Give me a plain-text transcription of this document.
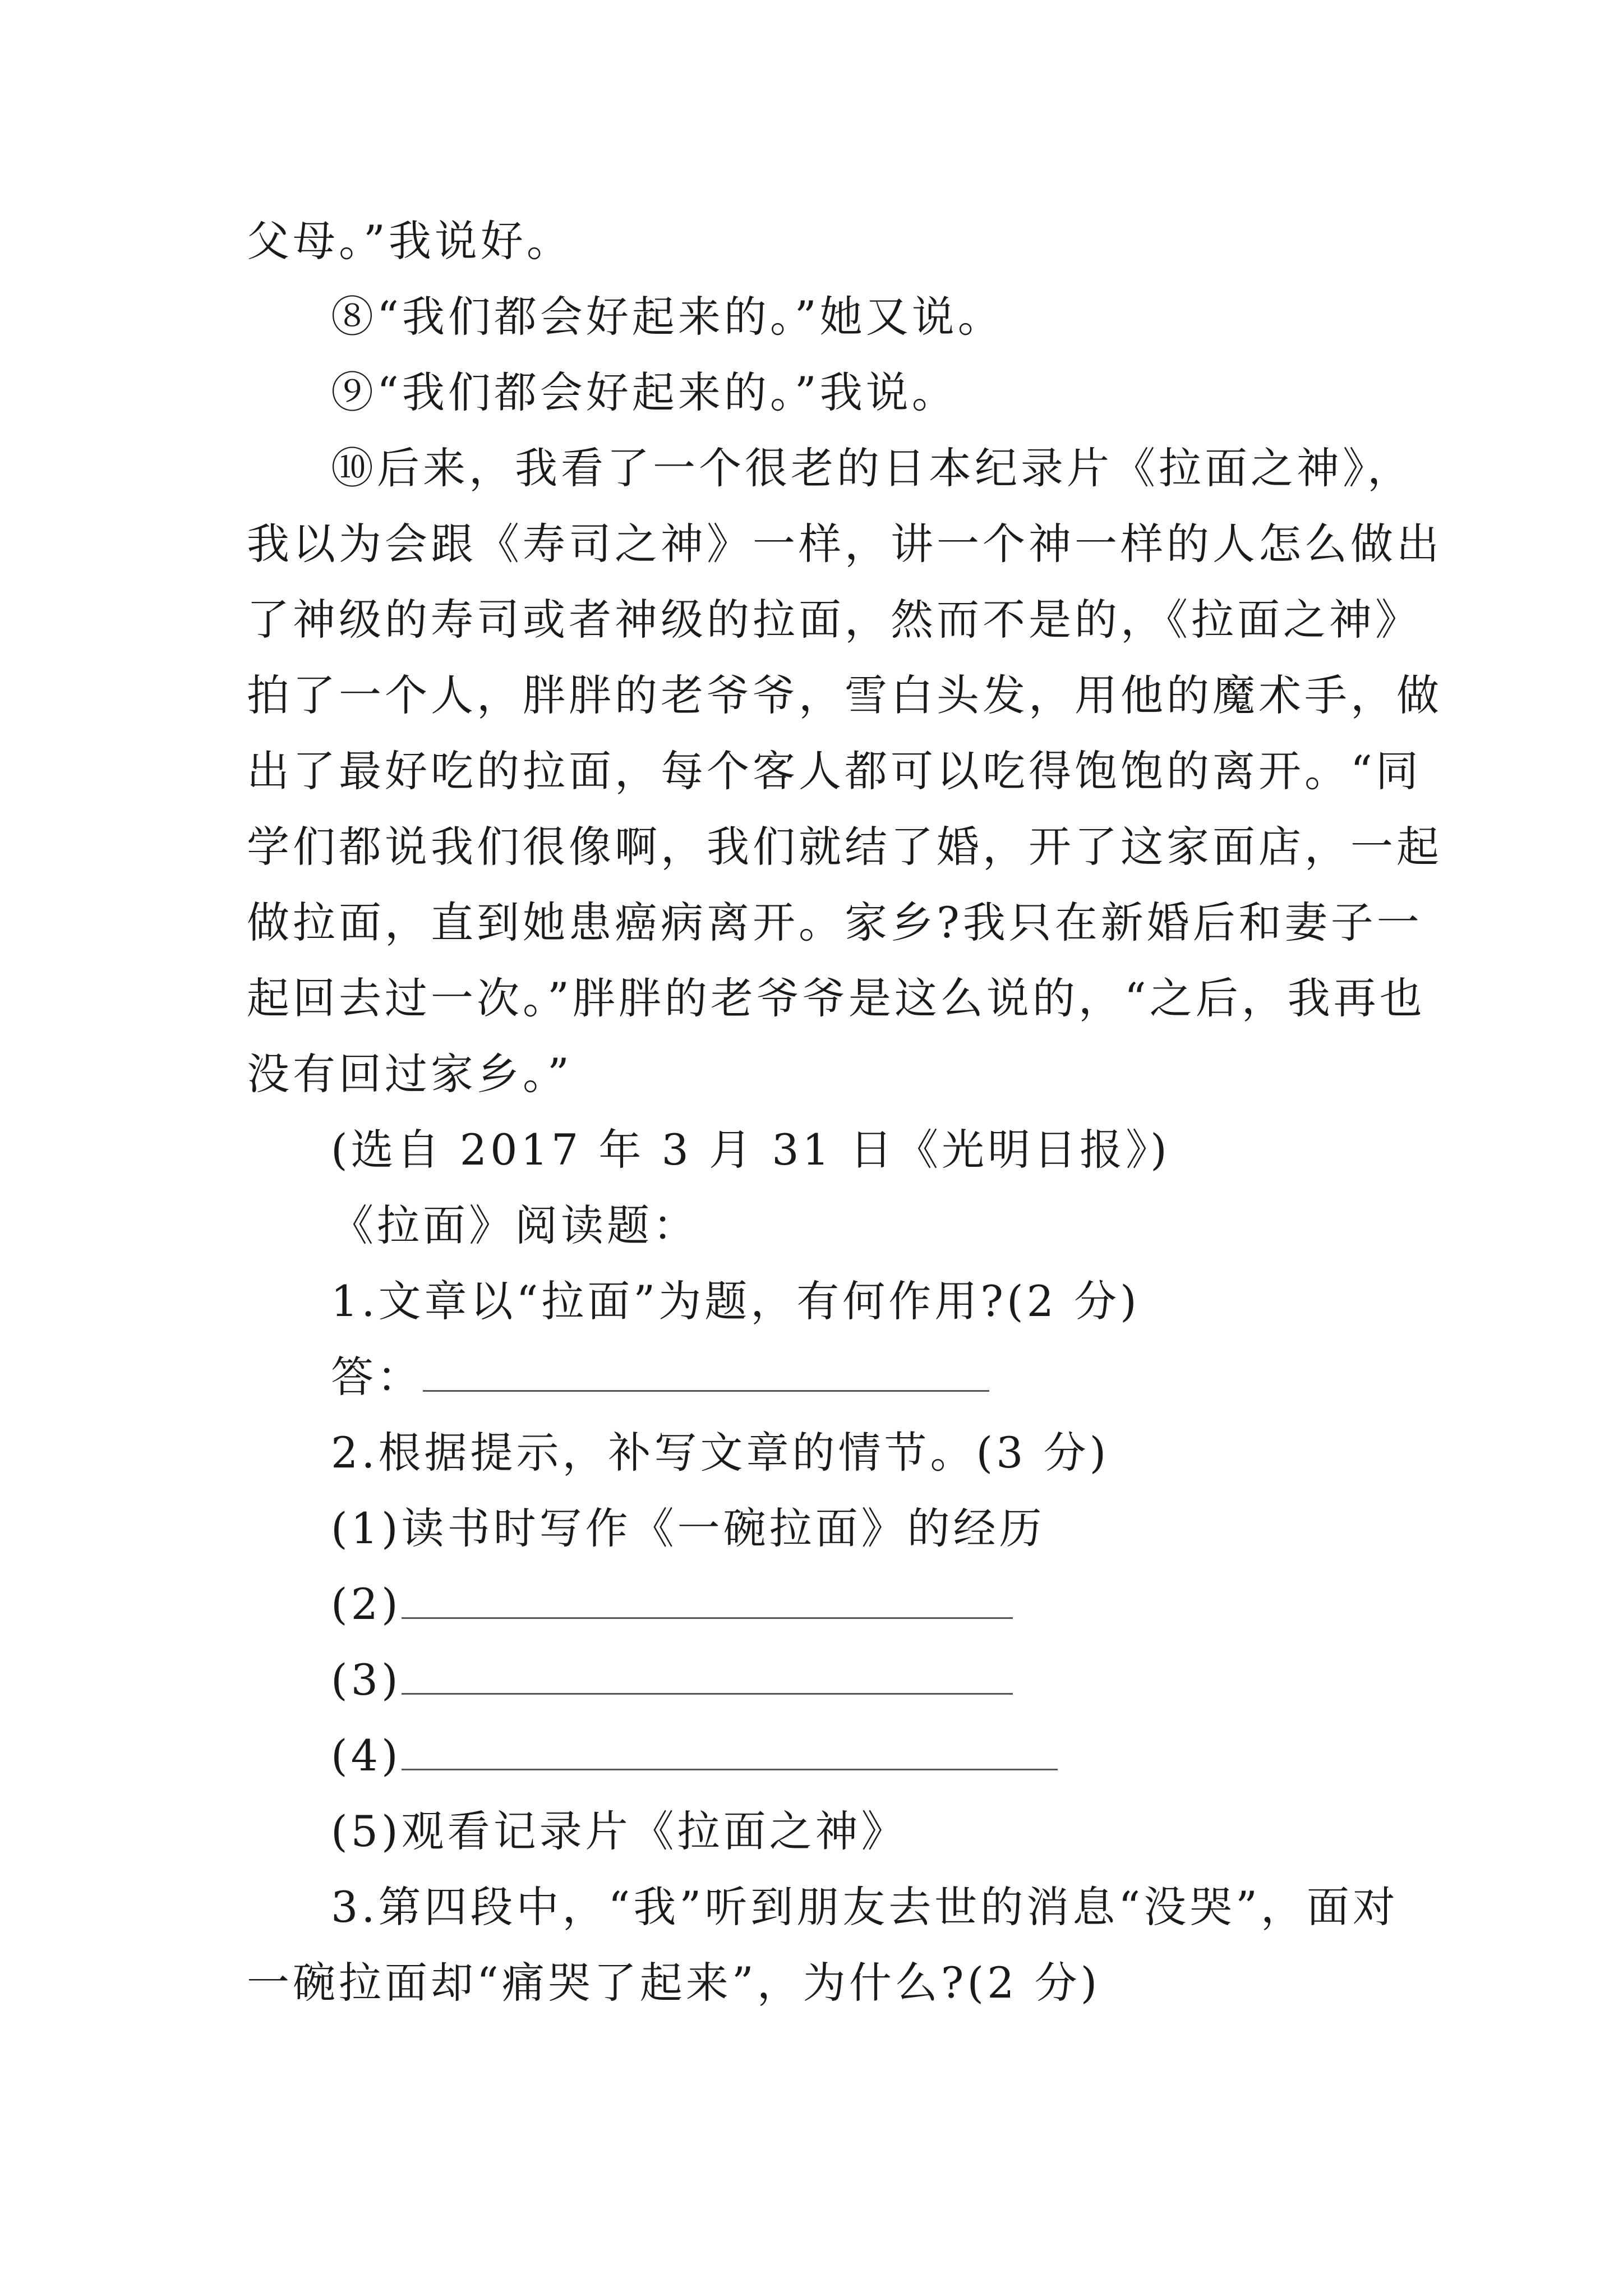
父母。”我说好。
⑧“我们都会好起来的。”她又说。
⑨“我们都会好起来的。”我说。
⑩后来，我看了一个很老的日本纪录片《拉面之神》，
我以为会跟《寿司之神》一样，讲一个神一样的人怎么做出
了神级的寿司或者神级的拉面，然而不是的，《拉面之神》
拍了一个人，胖胖的老爷爷，雪白头发，用他的魔术手，做
出了最好吃的拉面，每个客人都可以吃得饱饱的离开。“同
学们都说我们很像啊，我们就结了婚，开了这家面店，一起
做拉面，直到她患癌病离开。家乡?我只在新婚后和妻子一
起回去过一次。”胖胖的老爷爷是这么说的，“之后，我再也
没有回过家乡。”
(选自 2017 年 3 月 31 日《光明日报》)
《拉面》阅读题：
1.文章以“拉面”为题，有何作用?(2 分)
答：
2.根据提示，补写文章的情节。(3 分)
(1)读书时写作《一碗拉面》的经历
(2)
(3)
(4)
(5)观看记录片《拉面之神》
3.第四段中，“我”听到朋友去世的消息“没哭”，面对
一碗拉面却“痛哭了起来”，为什么?(2 分)
